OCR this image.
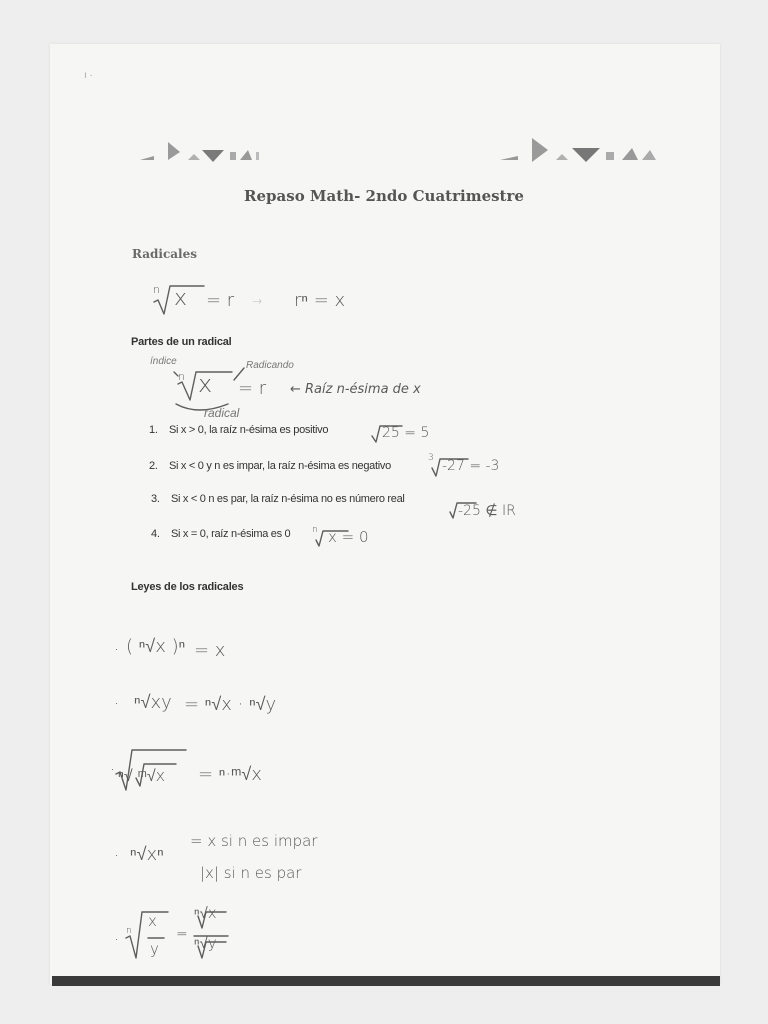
ı ·
Repaso Math- 2ndo Cuatrimestre
Radicales
n x = r → rⁿ = x
Partes de un radical
índice	Radicando
n x = r ← Raíz n-ésima de x
radical
1. Si x > 0, la raíz n-ésima es positivo	25 = 5
2. Si x < 0 y n es impar, la raíz n-ésima es negativo
3 -27 = -3
3. Si x < 0 n es par, la raíz n-ésima no es número real
-25 ∉ IR
4. Si x = 0, raíz n-ésima es 0 n x = 0
Leyes de los radicales
· ( ⁿ√x )ⁿ = x
· ⁿ√xy = ⁿ√x · ⁿ√y
· ⁿ√ ᵐ√x = ⁿ·ᵐ√x
· ⁿ√xⁿ
= x si n es impar
|x| si n es par
· n
x
y
=
ⁿ√x
ⁿ√y
